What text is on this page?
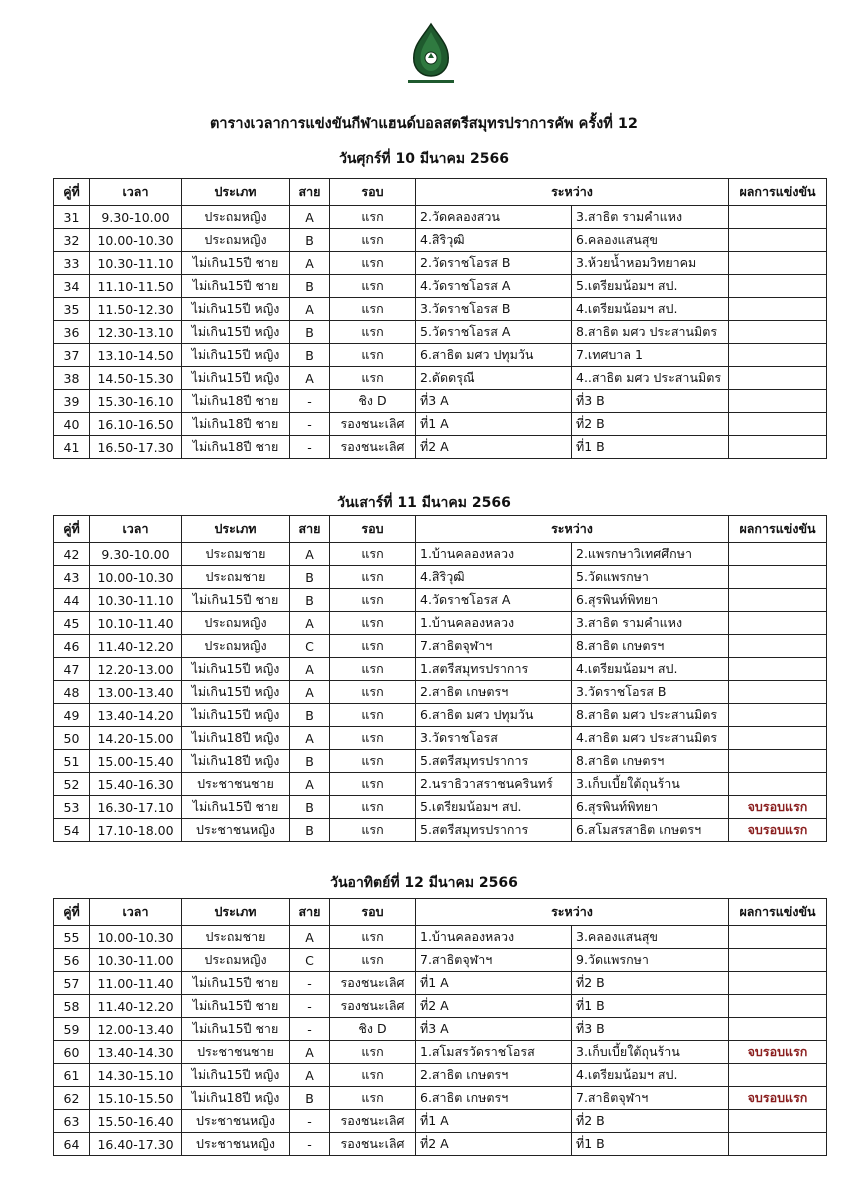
ตารางเวลาการแข่งขันกีฬาแฮนด์บอลสตรีสมุทรปราการคัพ ครั้งที่ 12
วันศุกร์ที่ 10 มีนาคม 2566
คู่ที่	เวลา	ประเภท	สาย	รอบ	ระหว่าง		ผลการแข่งขัน
31	9.30-10.00	ประถมหญิง	A	แรก	2.วัดคลองสวน	3.สาธิต รามคำแหง	
32	10.00-10.30	ประถมหญิง	B	แรก	4.สิริวุฒิ	6.คลองแสนสุข	
33	10.30-11.10	ไม่เกิน15ปี ชาย	A	แรก	2.วัดราชโอรส B	3.ห้วยน้ำหอมวิทยาคม	
34	11.10-11.50	ไม่เกิน15ปี ชาย	B	แรก	4.วัดราชโอรส A	5.เตรียมน้อมฯ สป.	
35	11.50-12.30	ไม่เกิน15ปี หญิง	A	แรก	3.วัดราชโอรส B	4.เตรียมน้อมฯ สป.	
36	12.30-13.10	ไม่เกิน15ปี หญิง	B	แรก	5.วัดราชโอรส A	8.สาธิต มศว ประสานมิตร	
37	13.10-14.50	ไม่เกิน15ปี หญิง	B	แรก	6.สาธิต มศว ปทุมวัน	7.เทศบาล 1	
38	14.50-15.30	ไม่เกิน15ปี หญิง	A	แรก	2.ดัดดรุณี	4..สาธิต มศว ประสานมิตร	
39	15.30-16.10	ไม่เกิน18ปี ชาย	-	ชิง D	ที่3 A	ที่3 B	
40	16.10-16.50	ไม่เกิน18ปี ชาย	-	รองชนะเลิศ	ที่1 A	ที่2 B	
41	16.50-17.30	ไม่เกิน18ปี ชาย	-	รองชนะเลิศ	ที่2 A	ที่1 B	
วันเสาร์ที่ 11 มีนาคม 2566
คู่ที่	เวลา	ประเภท	สาย	รอบ	ระหว่าง		ผลการแข่งขัน
42	9.30-10.00	ประถมชาย	A	แรก	1.บ้านคลองหลวง	2.แพรกษาวิเทศศึกษา	
43	10.00-10.30	ประถมชาย	B	แรก	4.สิริวุฒิ	5.วัดแพรกษา	
44	10.30-11.10	ไม่เกิน15ปี ชาย	B	แรก	4.วัดราชโอรส A	6.สุรพินท์พิทยา	
45	10.10-11.40	ประถมหญิง	A	แรก	1.บ้านคลองหลวง	3.สาธิต รามคำแหง	
46	11.40-12.20	ประถมหญิง	C	แรก	7.สาธิตจุฬาฯ	8.สาธิต เกษตรฯ	
47	12.20-13.00	ไม่เกิน15ปี หญิง	A	แรก	1.สตรีสมุทรปราการ	4.เตรียมน้อมฯ สป.	
48	13.00-13.40	ไม่เกิน15ปี หญิง	A	แรก	2.สาธิต เกษตรฯ	3.วัดราชโอรส B	
49	13.40-14.20	ไม่เกิน15ปี หญิง	B	แรก	6.สาธิต มศว ปทุมวัน	8.สาธิต มศว ประสานมิตร	
50	14.20-15.00	ไม่เกิน18ปี หญิง	A	แรก	3.วัดราชโอรส	4.สาธิต มศว ประสานมิตร	
51	15.00-15.40	ไม่เกิน18ปี หญิง	B	แรก	5.สตรีสมุทรปราการ	8.สาธิต เกษตรฯ	
52	15.40-16.30	ประชาชนชาย	A	แรก	2.นราธิวาสราชนครินทร์	3.เก็บเบี้ยใต้ถุนร้าน	
53	16.30-17.10	ไม่เกิน15ปี ชาย	B	แรก	5.เตรียมน้อมฯ สป.	6.สุรพินท์พิทยา	จบรอบแรก
54	17.10-18.00	ประชาชนหญิง	B	แรก	5.สตรีสมุทรปราการ	6.สโมสรสาธิต เกษตรฯ	จบรอบแรก
วันอาทิตย์ที่ 12 มีนาคม 2566
คู่ที่	เวลา	ประเภท	สาย	รอบ	ระหว่าง		ผลการแข่งขัน
55	10.00-10.30	ประถมชาย	A	แรก	1.บ้านคลองหลวง	3.คลองแสนสุข	
56	10.30-11.00	ประถมหญิง	C	แรก	7.สาธิตจุฬาฯ	9.วัดแพรกษา	
57	11.00-11.40	ไม่เกิน15ปี ชาย	-	รองชนะเลิศ	ที่1 A	ที่2 B	
58	11.40-12.20	ไม่เกิน15ปี ชาย	-	รองชนะเลิศ	ที่2 A	ที่1 B	
59	12.00-13.40	ไม่เกิน15ปี ชาย	-	ชิง D	ที่3 A	ที่3 B	
60	13.40-14.30	ประชาชนชาย	A	แรก	1.สโมสรวัดราชโอรส	3.เก็บเบี้ยใต้ถุนร้าน	จบรอบแรก
61	14.30-15.10	ไม่เกิน15ปี หญิง	A	แรก	2.สาธิต เกษตรฯ	4.เตรียมน้อมฯ สป.	
62	15.10-15.50	ไม่เกิน18ปี หญิง	B	แรก	6.สาธิต เกษตรฯ	7.สาธิตจุฬาฯ	จบรอบแรก
63	15.50-16.40	ประชาชนหญิง	-	รองชนะเลิศ	ที่1 A	ที่2 B	
64	16.40-17.30	ประชาชนหญิง	-	รองชนะเลิศ	ที่2 A	ที่1 B	
